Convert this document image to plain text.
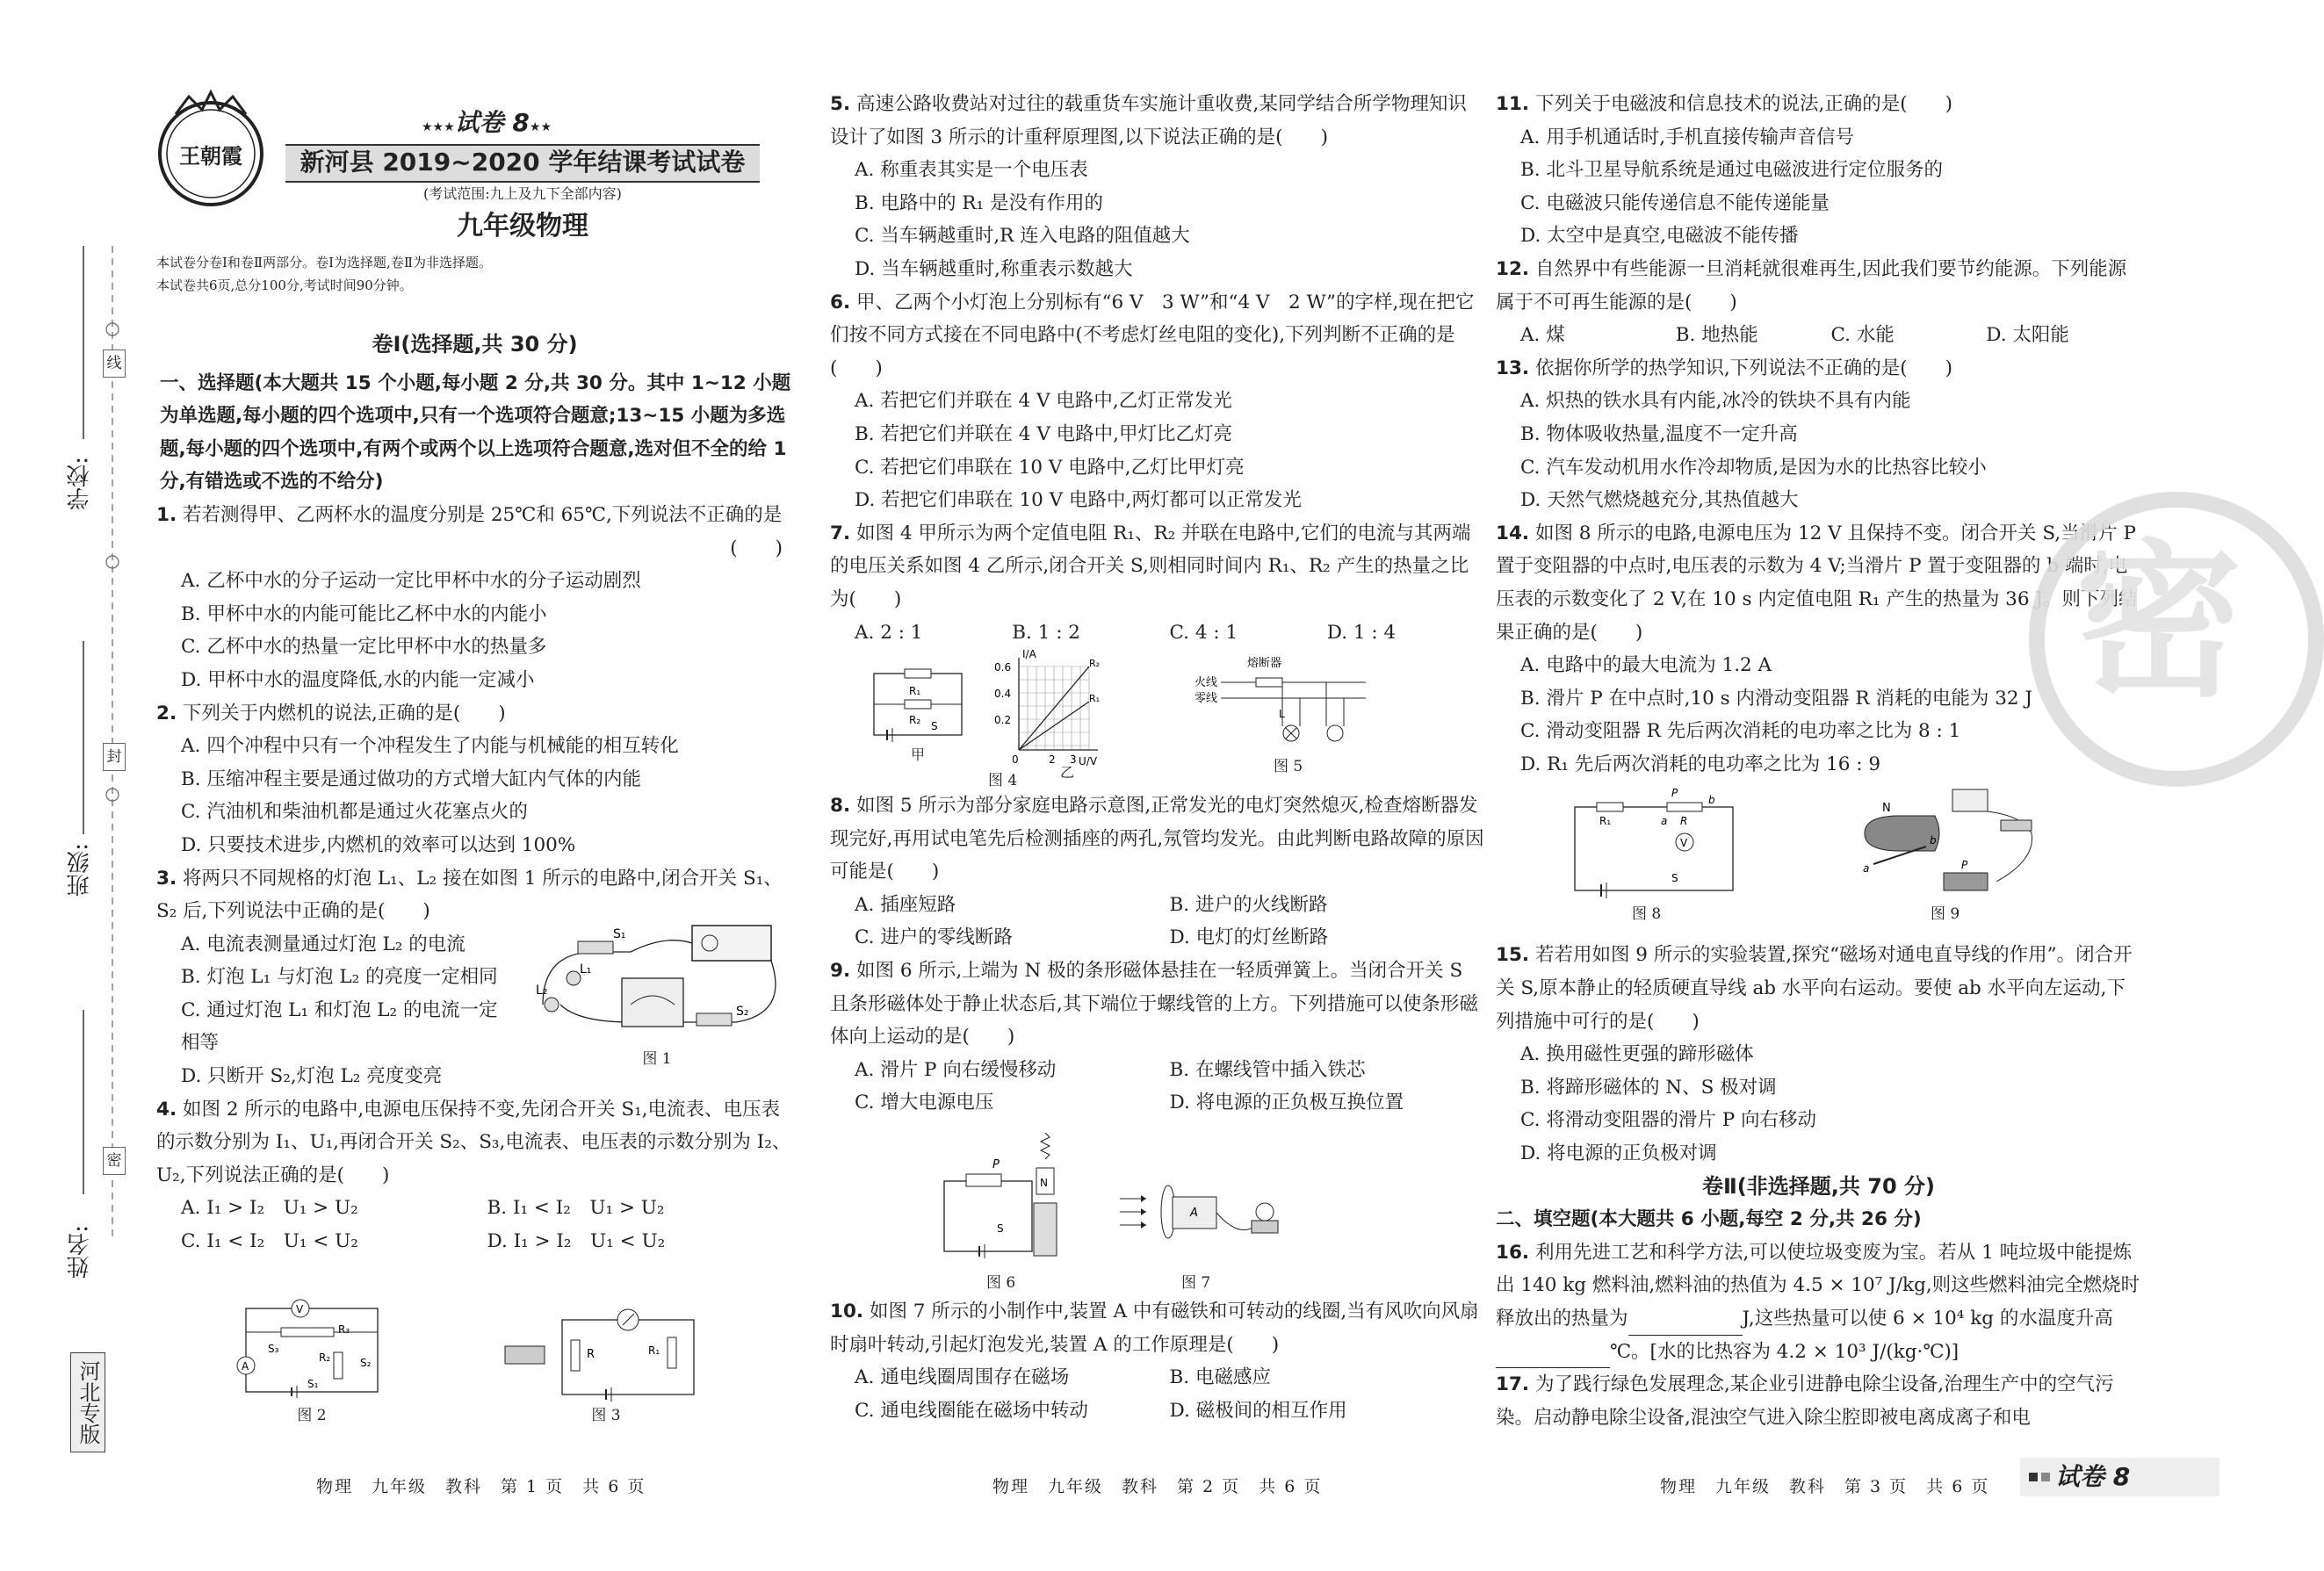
学校:
班级:
姓名:
线
封
密
河北专版
王朝霞
★★★试卷 8★★
新河县 2019~2020 学年结课考试试卷
(考试范围:九上及九下全部内容)
九年级物理
本试卷分卷Ⅰ和卷Ⅱ两部分。卷Ⅰ为选择题,卷Ⅱ为非选择题。
本试卷共6页,总分100分,考试时间90分钟。
卷Ⅰ(选择题,共 30 分)
一、选择题(本大题共 15 个小题,每小题 2 分,共 30 分。其中 1~12 小题为单选题,每小题的四个选项中,只有一个选项符合题意;13~15 小题为多选题,每小题的四个选项中,有两个或两个以上选项符合题意,选对但不全的给 1 分,有错选或不选的不给分)
1. 若若测得甲、乙两杯水的温度分别是 25℃和 65℃,下列说法不正确的是
(　　)
A. 乙杯中水的分子运动一定比甲杯中水的分子运动剧烈
B. 甲杯中水的内能可能比乙杯中水的内能小
C. 乙杯中水的热量一定比甲杯中水的热量多
D. 甲杯中水的温度降低,水的内能一定减小
2. 下列关于内燃机的说法,正确的是(　　)
A. 四个冲程中只有一个冲程发生了内能与机械能的相互转化
B. 压缩冲程主要是通过做功的方式增大缸内气体的内能
C. 汽油机和柴油机都是通过火花塞点火的
D. 只要技术进步,内燃机的效率可以达到 100%
3. 将两只不同规格的灯泡 L₁、L₂ 接在如图 1 所示的电路中,闭合开关 S₁、S₂ 后,下列说法中正确的是(　　)
A. 电流表测量通过灯泡 L₂ 的电流
B. 灯泡 L₁ 与灯泡 L₂ 的亮度一定相同
C. 通过灯泡 L₁ 和灯泡 L₂ 的电流一定相等
D. 只断开 S₂,灯泡 L₂ 亮度变亮
S₁
S₂
L₂
L₁
图 1
4. 如图 2 所示的电路中,电源电压保持不变,先闭合开关 S₁,电流表、电压表的示数分别为 I₁、U₁,再闭合开关 S₂、S₃,电流表、电压表的示数分别为 I₂、U₂,下列说法正确的是(　　)
A. I₁ > I₂　U₁ > U₂	B. I₁ < I₂　U₁ > U₂
C. I₁ < I₂　U₁ < U₂	D. I₁ > I₂　U₁ < U₂
V
R₃
A
R₂
S₃
S₁
S₂
图 2
R	R₁
图 3
5. 高速公路收费站对过往的载重货车实施计重收费,某同学结合所学物理知识设计了如图 3 所示的计重秤原理图,以下说法正确的是(　　)
A. 称重表其实是一个电压表
B. 电路中的 R₁ 是没有作用的
C. 当车辆越重时,R 连入电路的阻值越大
D. 当车辆越重时,称重表示数越大
6. 甲、乙两个小灯泡上分别标有“6 V　3 W”和“4 V　2 W”的字样,现在把它们按不同方式接在不同电路中(不考虑灯丝电阻的变化),下列判断不正确的是(　　)
A. 若把它们并联在 4 V 电路中,乙灯正常发光
B. 若把它们并联在 4 V 电路中,甲灯比乙灯亮
C. 若把它们串联在 10 V 电路中,乙灯比甲灯亮
D. 若把它们串联在 10 V 电路中,两灯都可以正常发光
7. 如图 4 甲所示为两个定值电阻 R₁、R₂ 并联在电路中,它们的电流与其两端的电压关系如图 4 乙所示,闭合开关 S,则相同时间内 R₁、R₂ 产生的热量之比为(　　)
A. 2 : 1	B. 1 : 2	C. 4 : 1	D. 1 : 4
R₁
R₂ S
甲
I/A
U/V
0.6
0.4
0.2
0	2 3
R₂
R₁
乙
图 4
熔断器
火线
零线
L
图 5
8. 如图 5 所示为部分家庭电路示意图,正常发光的电灯突然熄灭,检查熔断器发现完好,再用试电笔先后检测插座的两孔,氖管均发光。由此判断电路故障的原因可能是(　　)
A. 插座短路	B. 进户的火线断路
C. 进户的零线断路	D. 电灯的灯丝断路
9. 如图 6 所示,上端为 N 极的条形磁体悬挂在一轻质弹簧上。当闭合开关 S 且条形磁体处于静止状态后,其下端位于螺线管的上方。下列措施可以使条形磁体向上运动的是(　　)
A. 滑片 P 向右缓慢移动	B. 在螺线管中插入铁芯
C. 增大电源电压	D. 将电源的正负极互换位置
N
P
S
图 6
A
图 7
10. 如图 7 所示的小制作中,装置 A 中有磁铁和可转动的线圈,当有风吹向风扇时扇叶转动,引起灯泡发光,装置 A 的工作原理是(　　)
A. 通电线圈周围存在磁场	B. 电磁感应
C. 通电线圈能在磁场中转动	D. 磁极间的相互作用
11. 下列关于电磁波和信息技术的说法,正确的是(　　)
A. 用手机通话时,手机直接传输声音信号
B. 北斗卫星导航系统是通过电磁波进行定位服务的
C. 电磁波只能传递信息不能传递能量
D. 太空中是真空,电磁波不能传播
12. 自然界中有些能源一旦消耗就很难再生,因此我们要节约能源。下列能源属于不可再生能源的是(　　)
A. 煤	B. 地热能	C. 水能	D. 太阳能
13. 依据你所学的热学知识,下列说法不正确的是(　　)
A. 炽热的铁水具有内能,冰冷的铁块不具有内能
B. 物体吸收热量,温度不一定升高
C. 汽车发动机用水作冷却物质,是因为水的比热容比较小
D. 天然气燃烧越充分,其热值越大
14. 如图 8 所示的电路,电源电压为 12 V 且保持不变。闭合开关 S,当滑片 P 置于变阻器的中点时,电压表的示数为 4 V;当滑片 P 置于变阻器的 b 端时,电压表的示数变化了 2 V,在 10 s 内定值电阻 R₁ 产生的热量为 36 J。则下列结果正确的是(　　)
A. 电路中的最大电流为 1.2 A
B. 滑片 P 在中点时,10 s 内滑动变阻器 R 消耗的电能为 32 J
C. 滑动变阻器 R 先后两次消耗的电功率之比为 8 : 1
D. R₁ 先后两次消耗的电功率之比为 16 : 9
R₁
P
a
b
R
V
S
图 8
N
a
b
P
图 9
15. 若若用如图 9 所示的实验装置,探究“磁场对通电直导线的作用”。闭合开关 S,原本静止的轻质硬直导线 ab 水平向右运动。要使 ab 水平向左运动,下列措施中可行的是(　　)
A. 换用磁性更强的蹄形磁体
B. 将蹄形磁体的 N、S 极对调
C. 将滑动变阻器的滑片 P 向右移动
D. 将电源的正负极对调
卷Ⅱ(非选择题,共 70 分)
二、填空题(本大题共 6 小题,每空 2 分,共 26 分)
16. 利用先进工艺和科学方法,可以使垃圾变废为宝。若从 1 吨垃圾中能提炼出 140 kg 燃料油,燃料油的热值为 4.5 × 10⁷ J/kg,则这些燃料油完全燃烧时释放出的热量为	J,这些热量可以使 6 × 10⁴ kg 的水温度升高℃。[水的比热容为 4.2 × 10³ J/(kg·℃)]
17. 为了践行绿色发展理念,某企业引进静电除尘设备,治理生产中的空气污染。启动静电除尘设备,混浊空气进入除尘腔即被电离成离子和电
密
物理　九年级　教科　第 1 页　共 6 页	物理　九年级　教科　第 2 页　共 6 页	物理　九年级　教科　第 3 页　共 6 页	试卷 8
